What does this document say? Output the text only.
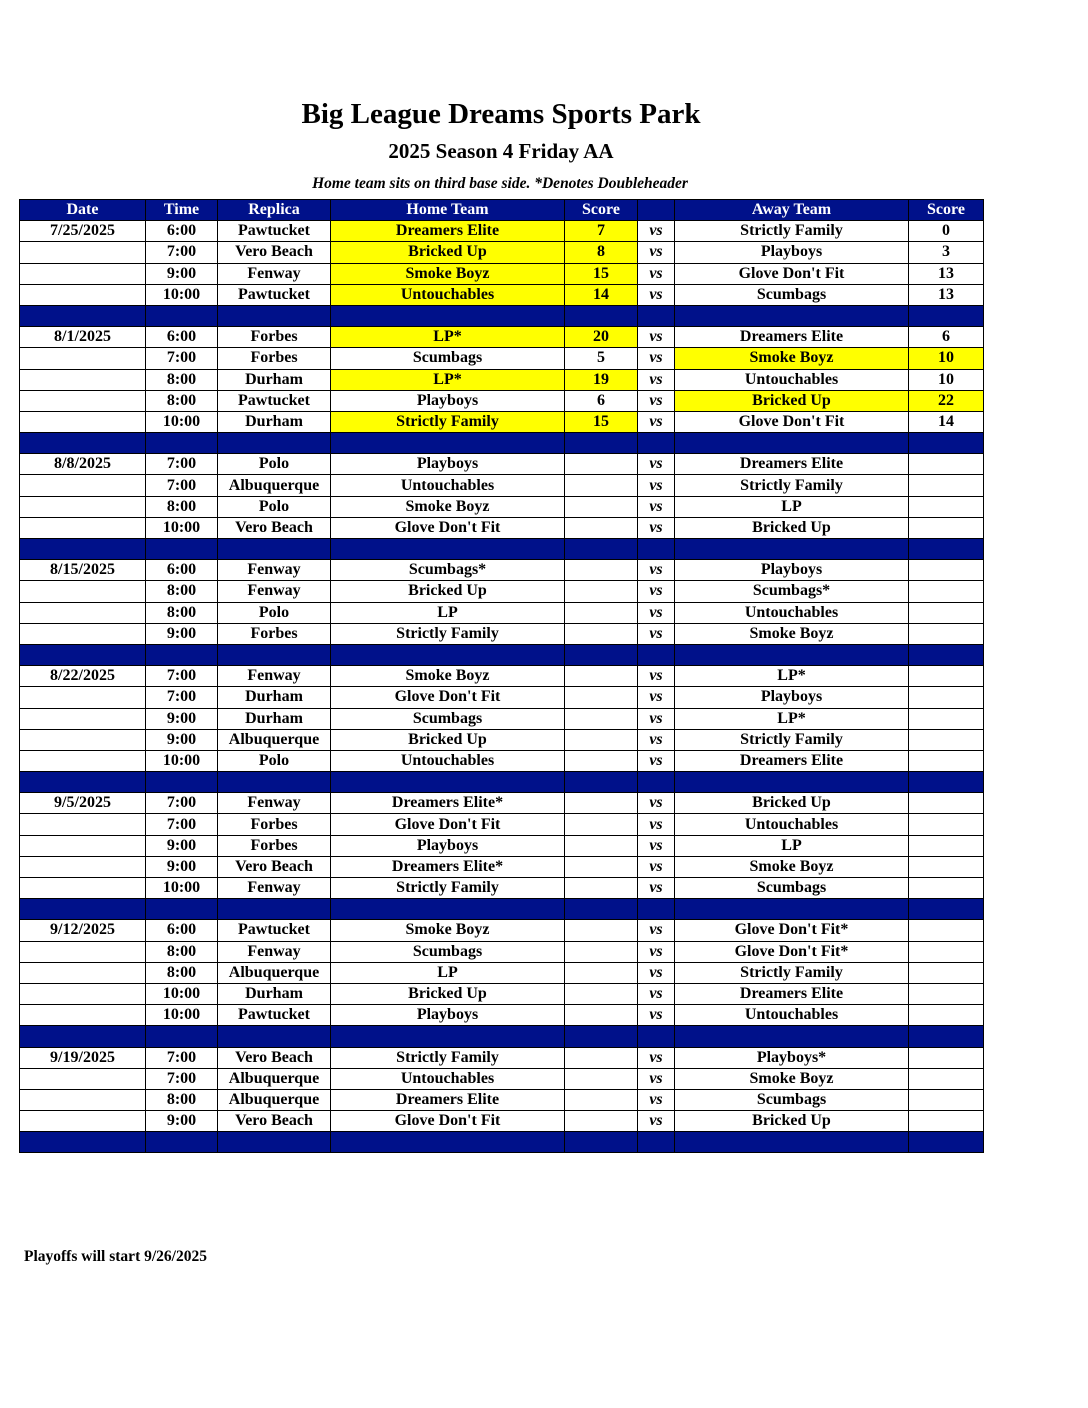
Big League Dreams Sports Park
2025 Season 4 Friday AA
Home team sits on third base side. *Denotes Doubleheader
Date	Time	Replica	Home Team	Score		Away Team	Score
7/25/2025	6:00	Pawtucket	Dreamers Elite	7	vs	Strictly Family	0
	7:00	Vero Beach	Bricked Up	8	vs	Playboys	3
	9:00	Fenway	Smoke Boyz	15	vs	Glove Don't Fit	13
	10:00	Pawtucket	Untouchables	14	vs	Scumbags	13

8/1/2025	6:00	Forbes	LP*	20	vs	Dreamers Elite	6
	7:00	Forbes	Scumbags	5	vs	Smoke Boyz	10
	8:00	Durham	LP*	19	vs	Untouchables	10
	8:00	Pawtucket	Playboys	6	vs	Bricked Up	22
	10:00	Durham	Strictly Family	15	vs	Glove Don't Fit	14

8/8/2025	7:00	Polo	Playboys		vs	Dreamers Elite	
	7:00	Albuquerque	Untouchables		vs	Strictly Family	
	8:00	Polo	Smoke Boyz		vs	LP	
	10:00	Vero Beach	Glove Don't Fit		vs	Bricked Up	

8/15/2025	6:00	Fenway	Scumbags*		vs	Playboys	
	8:00	Fenway	Bricked Up		vs	Scumbags*	
	8:00	Polo	LP		vs	Untouchables	
	9:00	Forbes	Strictly Family		vs	Smoke Boyz	

8/22/2025	7:00	Fenway	Smoke Boyz		vs	LP*	
	7:00	Durham	Glove Don't Fit		vs	Playboys	
	9:00	Durham	Scumbags		vs	LP*	
	9:00	Albuquerque	Bricked Up		vs	Strictly Family	
	10:00	Polo	Untouchables		vs	Dreamers Elite	

9/5/2025	7:00	Fenway	Dreamers Elite*		vs	Bricked Up	
	7:00	Forbes	Glove Don't Fit		vs	Untouchables	
	9:00	Forbes	Playboys		vs	LP	
	9:00	Vero Beach	Dreamers Elite*		vs	Smoke Boyz	
	10:00	Fenway	Strictly Family		vs	Scumbags	

9/12/2025	6:00	Pawtucket	Smoke Boyz		vs	Glove Don't Fit*	
	8:00	Fenway	Scumbags		vs	Glove Don't Fit*	
	8:00	Albuquerque	LP		vs	Strictly Family	
	10:00	Durham	Bricked Up		vs	Dreamers Elite	
	10:00	Pawtucket	Playboys		vs	Untouchables	

9/19/2025	7:00	Vero Beach	Strictly Family		vs	Playboys*	
	7:00	Albuquerque	Untouchables		vs	Smoke Boyz	
	8:00	Albuquerque	Dreamers Elite		vs	Scumbags	
	9:00	Vero Beach	Glove Don't Fit		vs	Bricked Up	

Playoffs will start 9/26/2025
